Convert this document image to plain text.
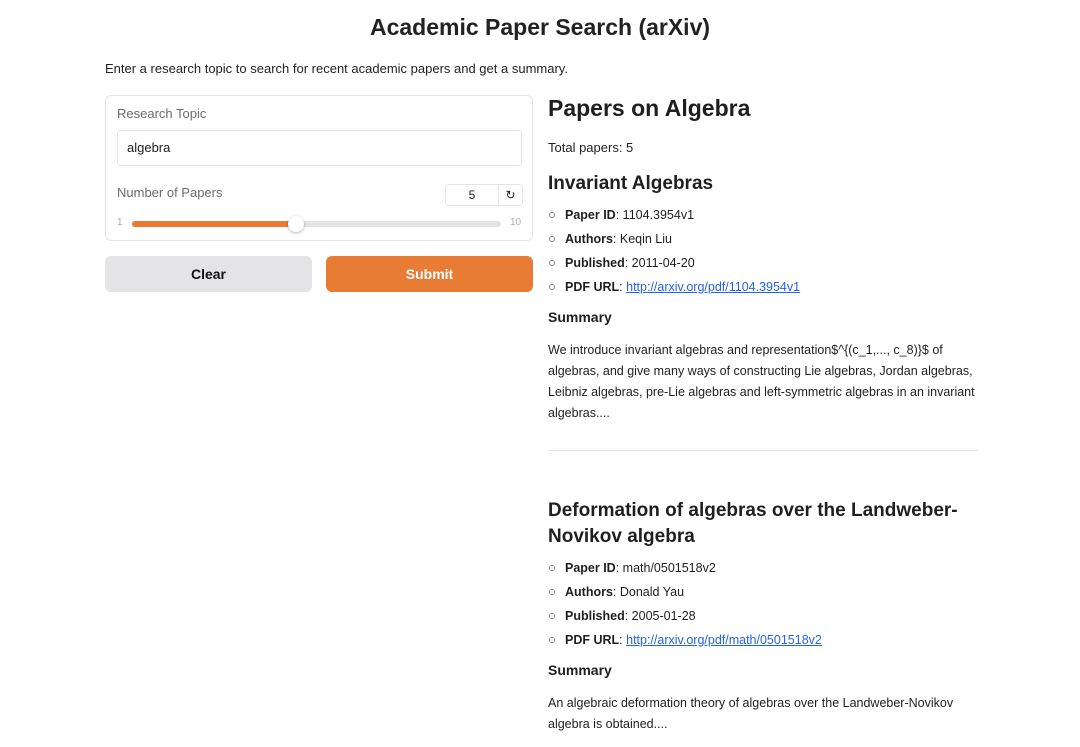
Academic Paper Search (arXiv)
Enter a research topic to search for recent academic papers and get a summary.
Research Topic
algebra
Number of Papers	5	↻
1	10
Clear	Submit
Papers on Algebra
Total papers: 5
Invariant Algebras
Paper ID: 1104.3954v1
Authors: Keqin Liu
Published: 2011-04-20
PDF URL: http://arxiv.org/pdf/1104.3954v1
Summary
We introduce invariant algebras and representation$^{(c_1,..., c_8)}$ of algebras, and give many ways of constructing Lie algebras, Jordan algebras, Leibniz algebras, pre-Lie algebras and left-symmetric algebras in an invariant algebras....
Deformation of algebras over the Landweber-Novikov algebra
Paper ID: math/0501518v2
Authors: Donald Yau
Published: 2005-01-28
PDF URL: http://arxiv.org/pdf/math/0501518v2
Summary
An algebraic deformation theory of algebras over the Landweber-Novikov algebra is obtained....
